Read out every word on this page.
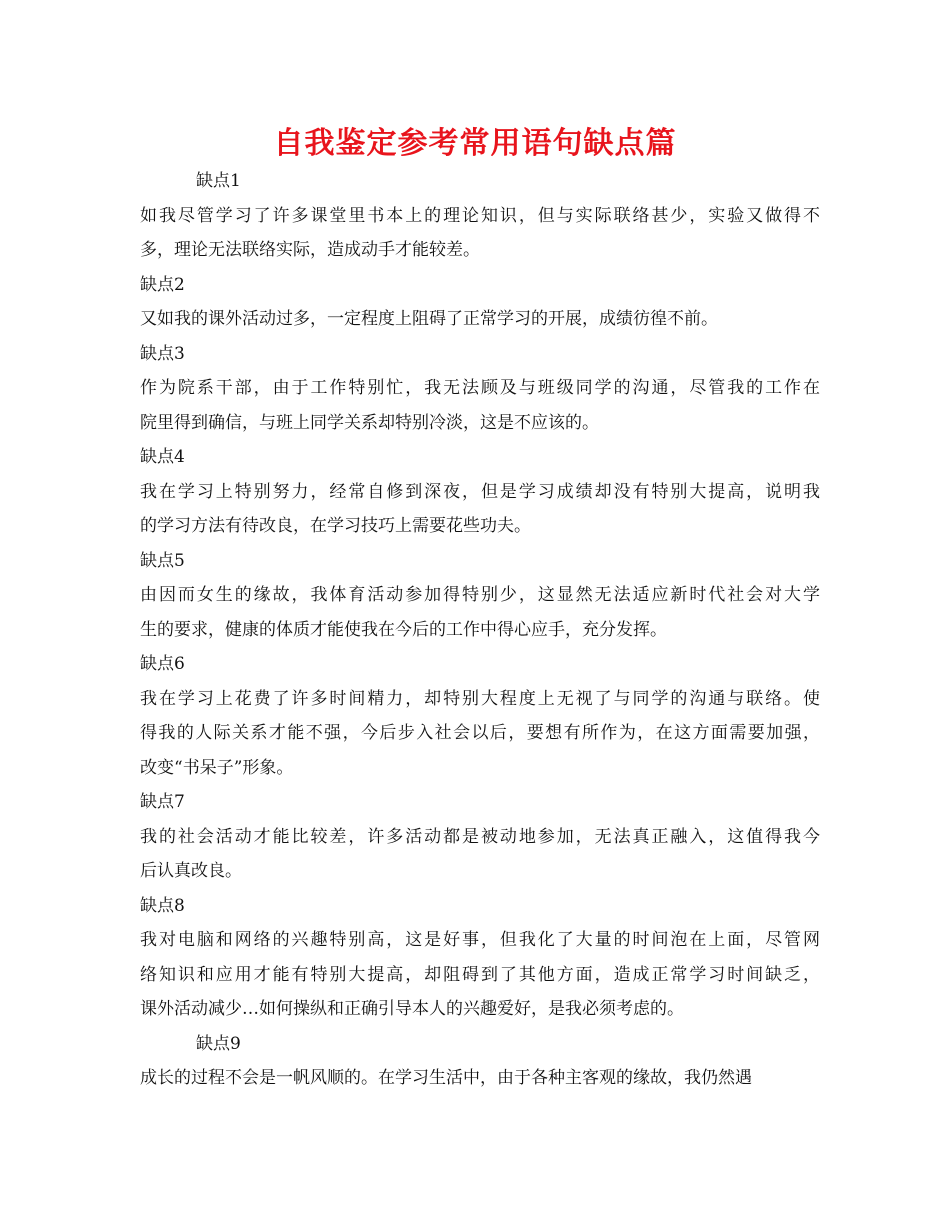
自我鉴定参考常用语句缺点篇
缺点1
如我尽管学习了许多课堂里书本上的理论知识，但与实际联络甚少，实验又做得不
多，理论无法联络实际，造成动手才能较差。
缺点2
又如我的课外活动过多，一定程度上阻碍了正常学习的开展，成绩彷徨不前。
缺点3
作为院系干部，由于工作特别忙，我无法顾及与班级同学的沟通，尽管我的工作在
院里得到确信，与班上同学关系却特别冷淡，这是不应该的。
缺点4
我在学习上特别努力，经常自修到深夜，但是学习成绩却没有特别大提高，说明我
的学习方法有待改良，在学习技巧上需要花些功夫。
缺点5
由因而女生的缘故，我体育活动参加得特别少，这显然无法适应新时代社会对大学
生的要求，健康的体质才能使我在今后的工作中得心应手，充分发挥。
缺点6
我在学习上花费了许多时间精力，却特别大程度上无视了与同学的沟通与联络。使
得我的人际关系才能不强，今后步入社会以后，要想有所作为，在这方面需要加强，
改变“书呆子”形象。
缺点7
我的社会活动才能比较差，许多活动都是被动地参加，无法真正融入，这值得我今
后认真改良。
缺点8
我对电脑和网络的兴趣特别高，这是好事，但我化了大量的时间泡在上面，尽管网
络知识和应用才能有特别大提高，却阻碍到了其他方面，造成正常学习时间缺乏，
课外活动减少…如何操纵和正确引导本人的兴趣爱好，是我必须考虑的。
缺点9
成长的过程不会是一帆风顺的。在学习生活中，由于各种主客观的缘故，我仍然遇
